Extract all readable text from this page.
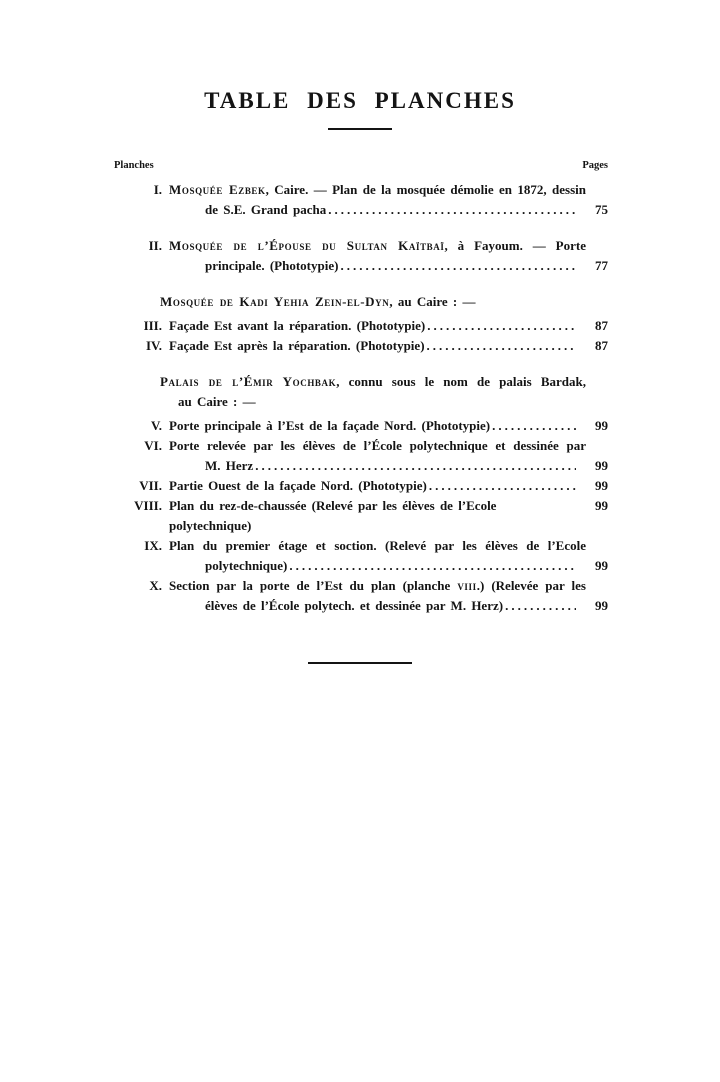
TABLE DES PLANCHES
Planches	Pages
I. Mosquée Ezbek, Caire. — Plan de la mosquée démolie en 1872, dessin
de S.E. Grand pacha .....	75
II. Mosquée de l’Épouse du Sultan Kaïtbaï, à Fayoum. — Porte
principale. (Phototypie) .....	77
Mosquée de Kadi Yehia Zein-el-Dyn, au Caire : —
III. Façade Est avant la réparation. (Phototypie) .....	87
IV. Façade Est après la réparation. (Phototypie) .....	87
Palais de l’Émir Yochbak, connu sous le nom de palais Bardak,
au Caire : —
V. Porte principale à l’Est de la façade Nord. (Phototypie) .....	99
VI. Porte relevée par les élèves de l’École polytechnique et dessinée par
M. Herz .....	99
VII. Partie Ouest de la façade Nord. (Phototypie) .....	99
VIII. Plan du rez-de-chaussée (Relevé par les élèves de l’Ecole polytechnique)
99
IX. Plan du premier étage et soction. (Relevé par les élèves de l’Ecole
polytechnique) .....	99
X. Section par la porte de l’Est du plan (planche viii.) (Relevée par les
élèves de l’École polytech. et dessinée par M. Herz) .....	99
